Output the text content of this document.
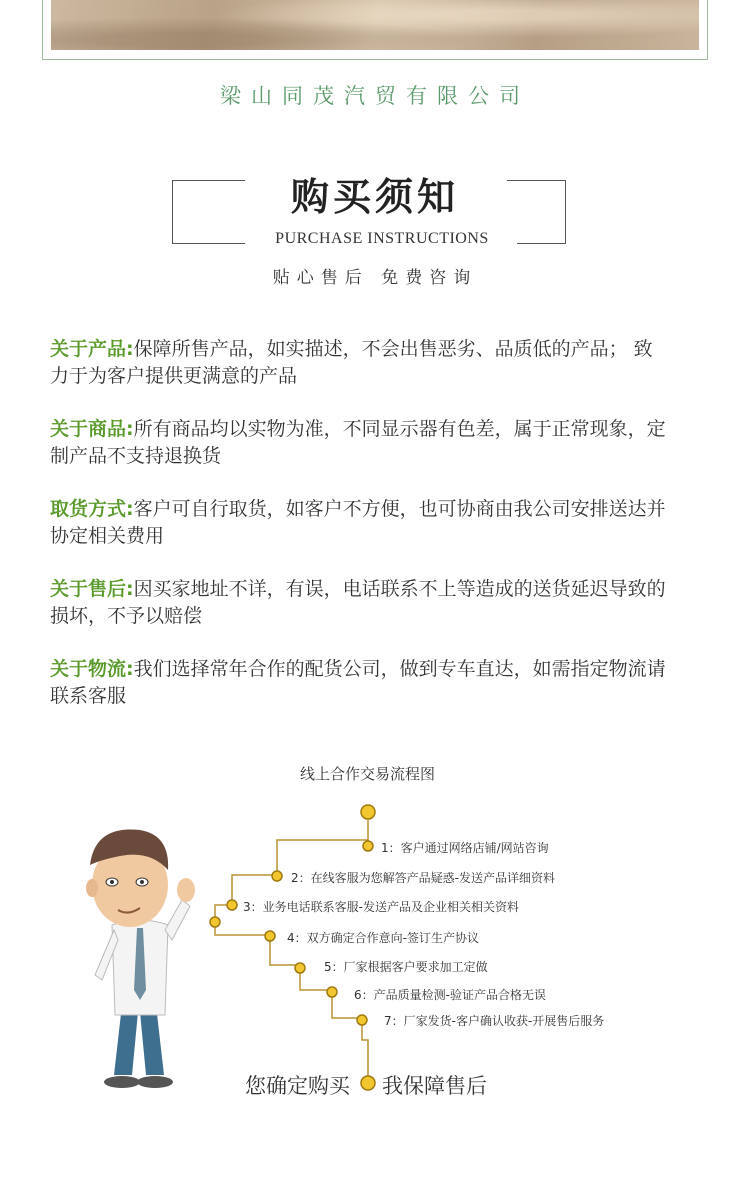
梁山同茂汽贸有限公司
购买须知
PURCHASE INSTRUCTIONS
贴心售后 免费咨询

关于产品:保障所售产品，如实描述，不会出售恶劣、品质低的产品； 致力于为客户提供更满意的产品

关于商品:所有商品均以实物为准，不同显示器有色差，属于正常现象，定制产品不支持退换货

取货方式:客户可自行取货，如客户不方便，也可协商由我公司安排送达并协定相关费用

关于售后:因买家地址不详，有误，电话联系不上等造成的送货延迟导致的损坏，不予以赔偿

关于物流:我们选择常年合作的配货公司，做到专车直达，如需指定物流请联系客服

线上合作交易流程图
1：客户通过网络店铺/网站咨询
2：在线客服为您解答产品疑惑-发送产品详细资料
3：业务电话联系客服-发送产品及企业相关相关资料
4：双方确定合作意向-签订生产协议
5：厂家根据客户要求加工定做
6：产品质量检测-验证产品合格无误
7：厂家发货-客户确认收获-开展售后服务
您确定购买 我保障售后
